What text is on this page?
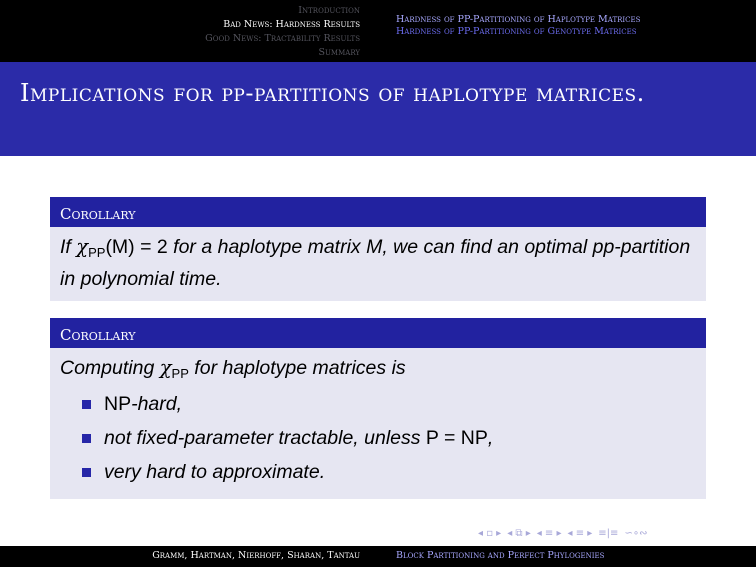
Introduction
Bad News: Hardness Results
Good News: Tractability Results
Summary
Hardness of PP-Partitioning of Haplotype Matrices
Hardness of PP-Partitioning of Genotype Matrices
Implications for pp-partitions of haplotype matrices.
Corollary
If $\chi_{PP}(M) = 2$ for a haplotype matrix M, we can find an optimal pp-partition in polynomial time.
Corollary
Computing $\chi_{PP}$ for haplotype matrices is
NP-hard,
not fixed-parameter tractable, unless P = NP,
very hard to approximate.
◂ ▫ ▸ ◂ ⧉ ▸ ◂ ≡ ▸ ◂ ≡ ▸ ≡|≡ ∽∘∾
Gramm, Hartman, Nierhoff, Sharan, Tantau	Block Partitioning and Perfect Phylogenies
